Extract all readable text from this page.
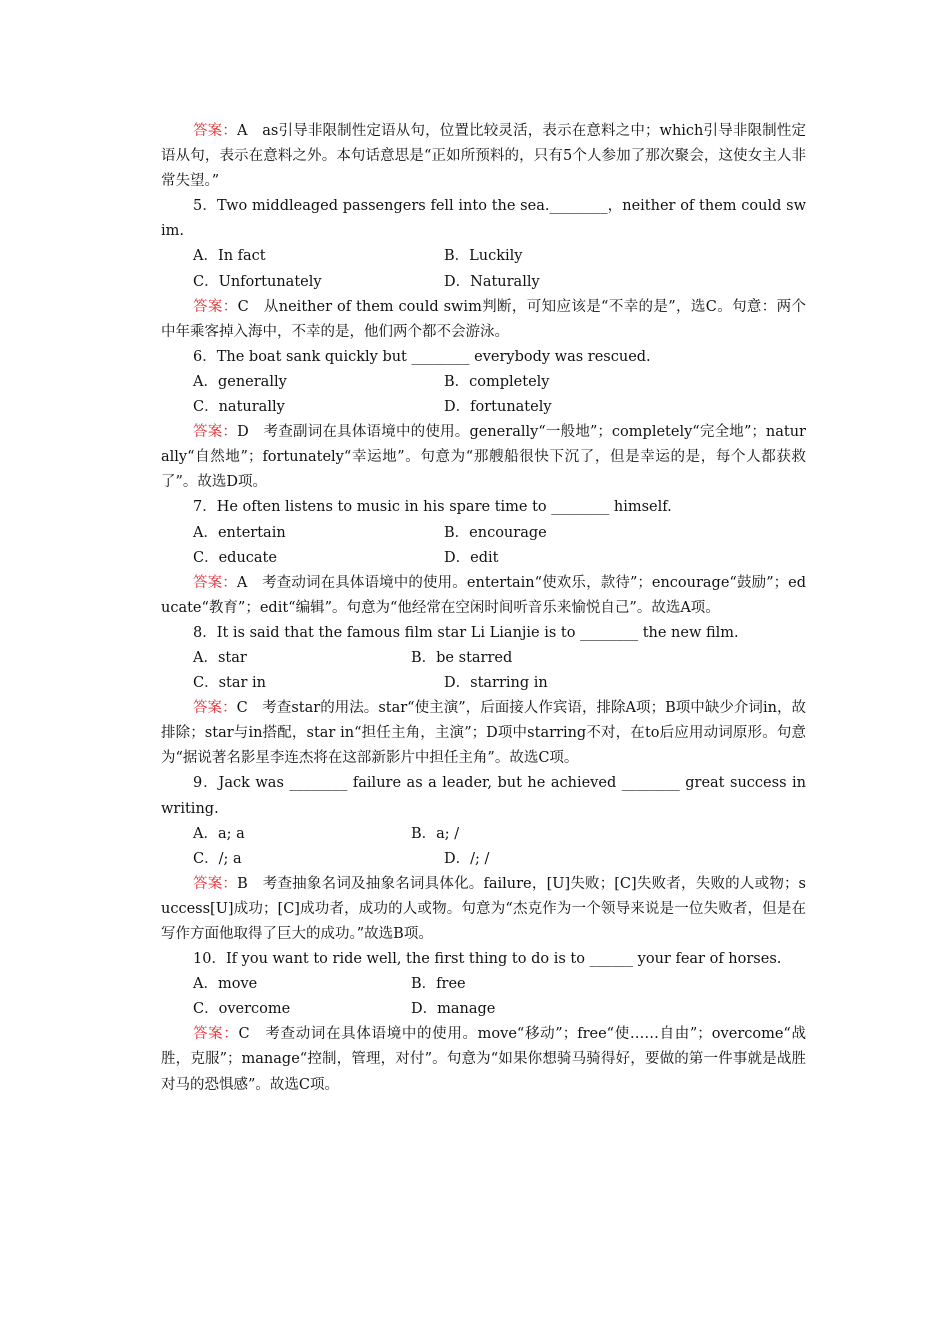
答案：A　as引导非限制性定语从句，位置比较灵活，表示在意料之中；which引导非限制性定语从句，表示在意料之外。本句话意思是“正如所预料的，只有5个人参加了那次聚会，这使女主人非常失望。”

5．Two middleaged passengers fell into the sea.________，neither of them could swim.

A．In fact	B．Luckily

C．Unfortunately	D．Naturally

答案：C　从neither of them could swim判断，可知应该是“不幸的是”，选C。句意：两个中年乘客掉入海中，不幸的是，他们两个都不会游泳。

6．The boat sank quickly but ________ everybody was rescued.

A．generally	B．completely

C．naturally	D．fortunately

答案：D　考查副词在具体语境中的使用。generally“一般地”；completely“完全地”；naturally“自然地”；fortunately“幸运地”。句意为“那艘船很快下沉了，但是幸运的是，每个人都获救了”。故选D项。

7．He often listens to music in his spare time to ________ himself.

A．entertain	B．encourage

C．educate	D．edit

答案：A　考查动词在具体语境中的使用。entertain“使欢乐，款待”；encourage“鼓励”；educate“教育”；edit“编辑”。句意为“他经常在空闲时间听音乐来愉悦自己”。故选A项。

8．It is said that the famous film star Li Lianjie is to ________ the new film.

A．star	B．be starred

C．star in	D．starring in

答案：C　考查star的用法。star“使主演”，后面接人作宾语，排除A项；B项中缺少介词in，故排除；star与in搭配，star in“担任主角，主演”；D项中starring不对，在to后应用动词原形。句意为“据说著名影星李连杰将在这部新影片中担任主角”。故选C项。

9．Jack was ________ failure as a leader, but he achieved ________ great success in writing.

A．a; a	B．a; /

C．/; a	D．/; /

答案：B　考查抽象名词及抽象名词具体化。failure，[U]失败；[C]失败者，失败的人或物；success[U]成功；[C]成功者，成功的人或物。句意为“杰克作为一个领导来说是一位失败者，但是在写作方面他取得了巨大的成功。”故选B项。

10．If you want to ride well, the first thing to do is to ______ your fear of horses.

A．move	B．free

C．overcome	D．manage

答案：C　考查动词在具体语境中的使用。move“移动”；free“使……自由”；overcome“战胜，克服”；manage“控制，管理，对付”。句意为“如果你想骑马骑得好，要做的第一件事就是战胜对马的恐惧感”。故选C项。
